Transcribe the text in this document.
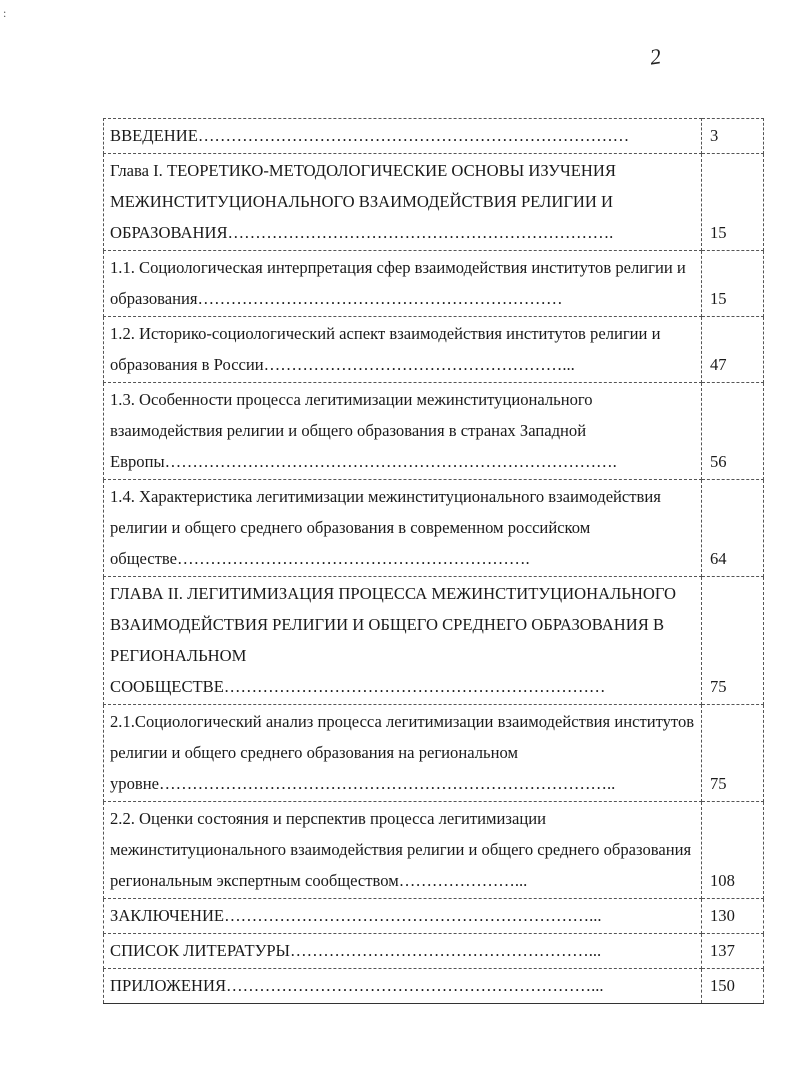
:
2
ВВЕДЕНИЕ……………………………………………………………………	3
Глава I. ТЕОРЕТИКО-МЕТОДОЛОГИЧЕСКИЕ ОСНОВЫ ИЗУЧЕНИЯ МЕЖИНСТИТУЦИОНАЛЬНОГО ВЗАИМОДЕЙСТВИЯ РЕЛИГИИ И ОБРАЗОВАНИЯ…………………………………………………………….	15
1.1. Социологическая интерпретация сфер взаимодействия институтов религии и образования…………………………………………………………	15
1.2. Историко-социологический аспект взаимодействия институтов религии и образования в России………………………………………………...	47
1.3. Особенности процесса легитимизации межинституционального взаимодействия религии и общего образования в странах Западной Европы……………………………………………………………………….	56
1.4. Характеристика легитимизации межинституционального взаимодействия религии и общего среднего образования в современном российском обществе……………………………………………………….	64
ГЛАВА II. ЛЕГИТИМИЗАЦИЯ ПРОЦЕССА МЕЖИНСТИТУЦИОНАЛЬНОГО ВЗАИМОДЕЙСТВИЯ РЕЛИГИИ И ОБЩЕГО СРЕДНЕГО ОБРАЗОВАНИЯ В РЕГИОНАЛЬНОМ СООБЩЕСТВЕ……………………………………………………………	75
2.1.Социологический анализ процесса легитимизации взаимодействия институтов религии и общего среднего образования на региональном уровне………………………………………………………………………..	75
2.2. Оценки состояния и перспектив процесса легитимизации межинституционального взаимодействия религии и общего среднего образования региональным экспертным сообществом…………………...	108
ЗАКЛЮЧЕНИЕ…………………………………………………………...	130
СПИСОК ЛИТЕРАТУРЫ………………………………………………...	137
ПРИЛОЖЕНИЯ…………………………………………………………...	150
